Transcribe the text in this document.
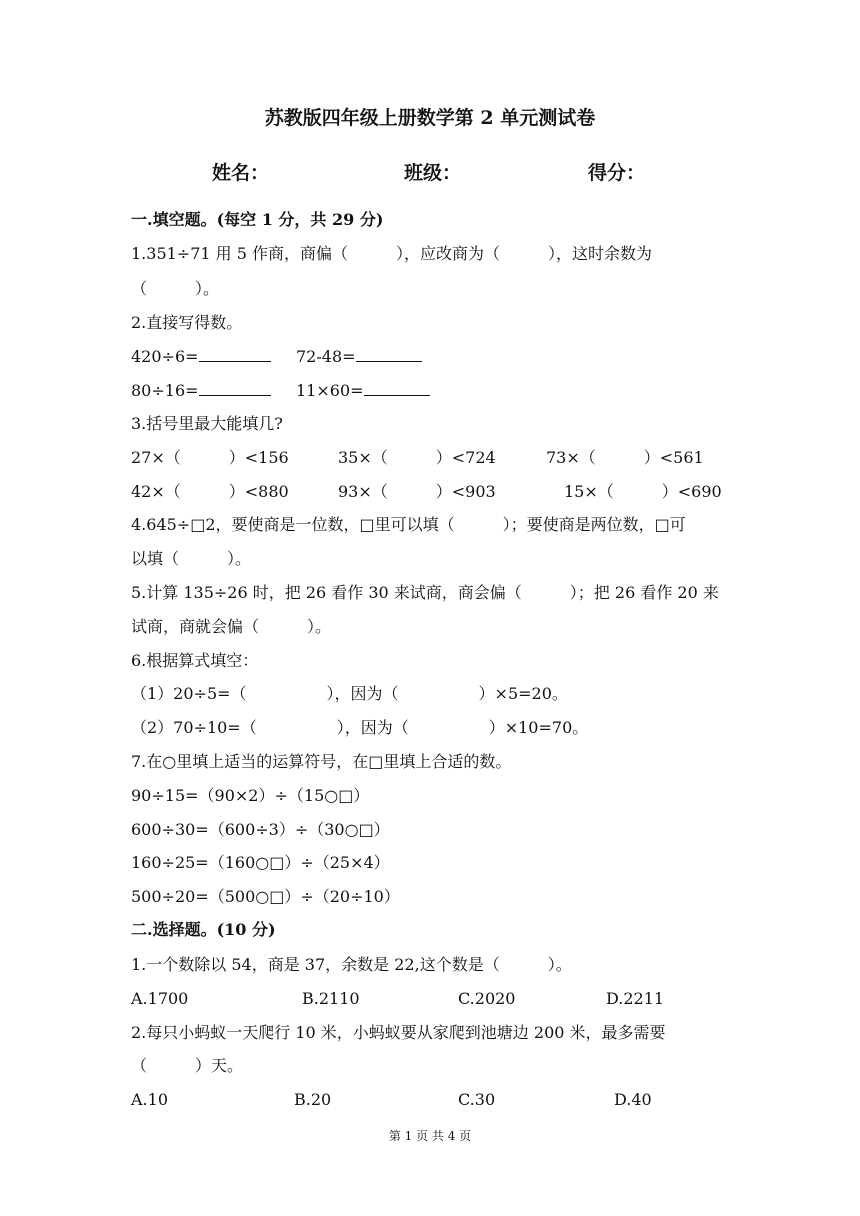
苏教版四年级上册数学第 2 单元测试卷
姓名：	班级：	得分：
一.填空题。(每空 1 分，共 29 分)
1.351÷71 用 5 作商，商偏（　　　），应改商为（　　　），这时余数为
（　　　）。
2.直接写得数。
420÷6=	72-48=
80÷16=	11×60=
3.括号里最大能填几?
27×（　　　）<156	35×（　　　）<724	73×（　　　）<561
42×（　　　）<880	93×（　　　）<903	15×（　　　）<690
4.645÷□2，要使商是一位数，□里可以填（　　　）；要使商是两位数，□可
以填（　　　）。
5.计算 135÷26 时，把 26 看作 30 来试商，商会偏（　　　）；把 26 看作 20 来
试商，商就会偏（　　　）。
6.根据算式填空：
（1）20÷5=（　　　　　），因为（　　　　　）×5=20。
（2）70÷10=（　　　　　），因为（　　　　　）×10=70。
7.在○里填上适当的运算符号，在□里填上合适的数。
90÷15=（90×2）÷（15○□）
600÷30=（600÷3）÷（30○□）
160÷25=（160○□）÷（25×4）
500÷20=（500○□）÷（20÷10）
二.选择题。(10 分)
1.一个数除以 54，商是 37，余数是 22,这个数是（　　　）。
A.1700	B.2110	C.2020	D.2211
2.每只小蚂蚁一天爬行 10 米，小蚂蚁要从家爬到池塘边 200 米，最多需要
（　　　）天。
A.10	B.20	C.30	D.40
第 1 页 共 4 页
